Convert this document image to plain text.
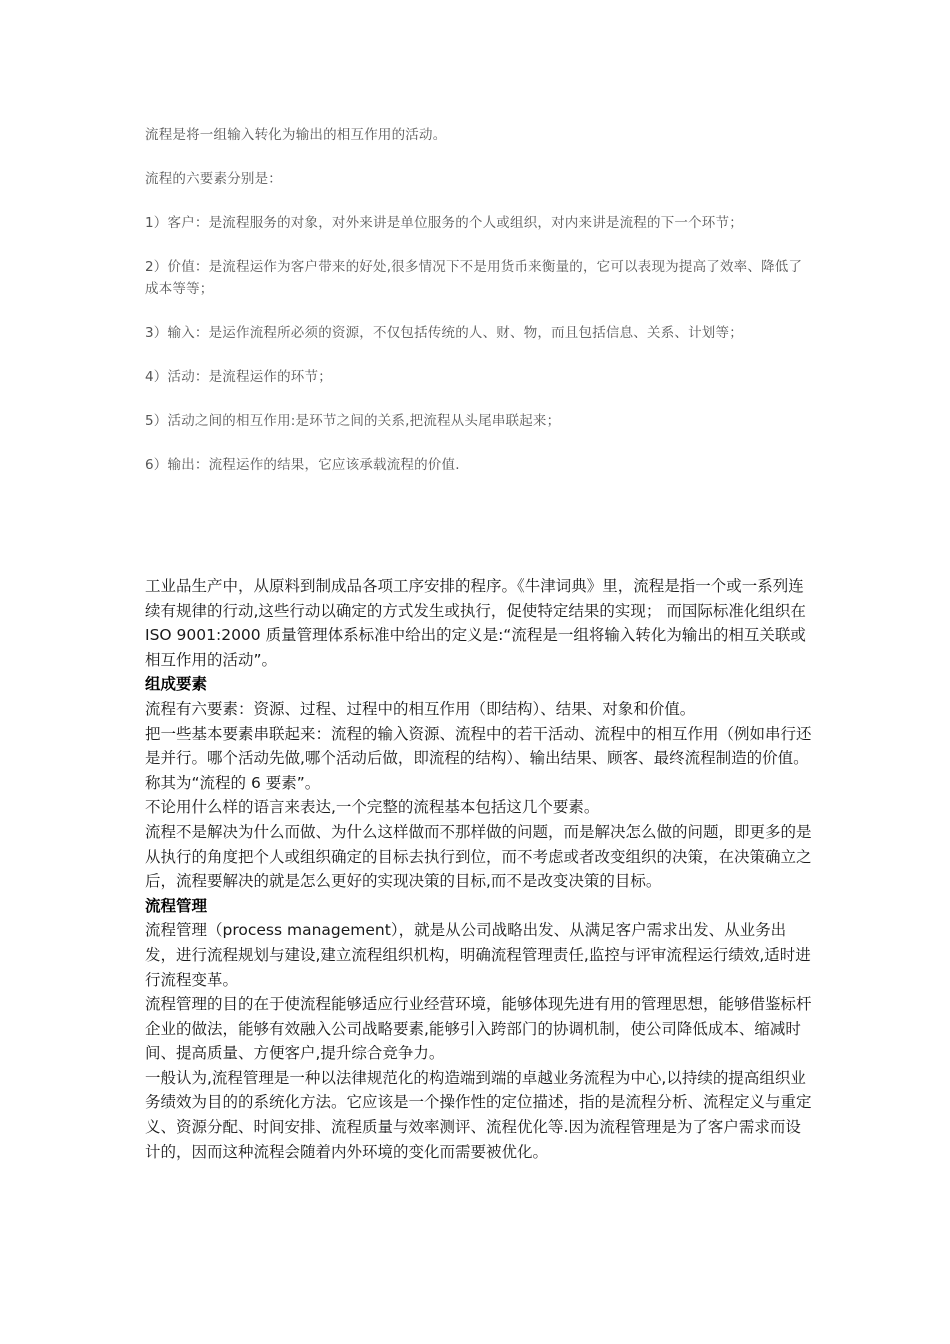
流程是将一组输入转化为输出的相互作用的活动。

流程的六要素分别是：

1）客户：是流程服务的对象，对外来讲是单位服务的个人或组织，对内来讲是流程的下一个环节；

2）价值：是流程运作为客户带来的好处,很多情况下不是用货币来衡量的，它可以表现为提高了效率、降低了成本等等；

3）输入：是运作流程所必须的资源，不仅包括传统的人、财、物，而且包括信息、关系、计划等；

4）活动：是流程运作的环节；

5）活动之间的相互作用:是环节之间的关系,把流程从头尾串联起来；

6）输出：流程运作的结果，它应该承载流程的价值.

工业品生产中，从原料到制成品各项工序安排的程序。《牛津词典》里，流程是指一个或一系列连续有规律的行动,这些行动以确定的方式发生或执行，促使特定结果的实现； 而国际标准化组织在 ISO 9001:2000 质量管理体系标准中给出的定义是:“流程是一组将输入转化为输出的相互关联或相互作用的活动”。

组成要素

流程有六要素：资源、过程、过程中的相互作用（即结构）、结果、对象和价值。

把一些基本要素串联起来：流程的输入资源、流程中的若干活动、流程中的相互作用（例如串行还是并行。哪个活动先做,哪个活动后做，即流程的结构）、输出结果、顾客、最终流程制造的价值。称其为“流程的 6 要素”。

不论用什么样的语言来表达,一个完整的流程基本包括这几个要素。

流程不是解决为什么而做、为什么这样做而不那样做的问题，而是解决怎么做的问题，即更多的是从执行的角度把个人或组织确定的目标去执行到位，而不考虑或者改变组织的决策，在决策确立之后，流程要解决的就是怎么更好的实现决策的目标,而不是改变决策的目标。

流程管理

流程管理（process management），就是从公司战略出发、从满足客户需求出发、从业务出发，进行流程规划与建设,建立流程组织机构，明确流程管理责任,监控与评审流程运行绩效,适时进行流程变革。

流程管理的目的在于使流程能够适应行业经营环境，能够体现先进有用的管理思想，能够借鉴标杆企业的做法，能够有效融入公司战略要素,能够引入跨部门的协调机制，使公司降低成本、缩减时间、提高质量、方便客户,提升综合竞争力。

一般认为,流程管理是一种以法律规范化的构造端到端的卓越业务流程为中心,以持续的提高组织业务绩效为目的的系统化方法。它应该是一个操作性的定位描述，指的是流程分析、流程定义与重定义、资源分配、时间安排、流程质量与效率测评、流程优化等.因为流程管理是为了客户需求而设计的，因而这种流程会随着内外环境的变化而需要被优化。
